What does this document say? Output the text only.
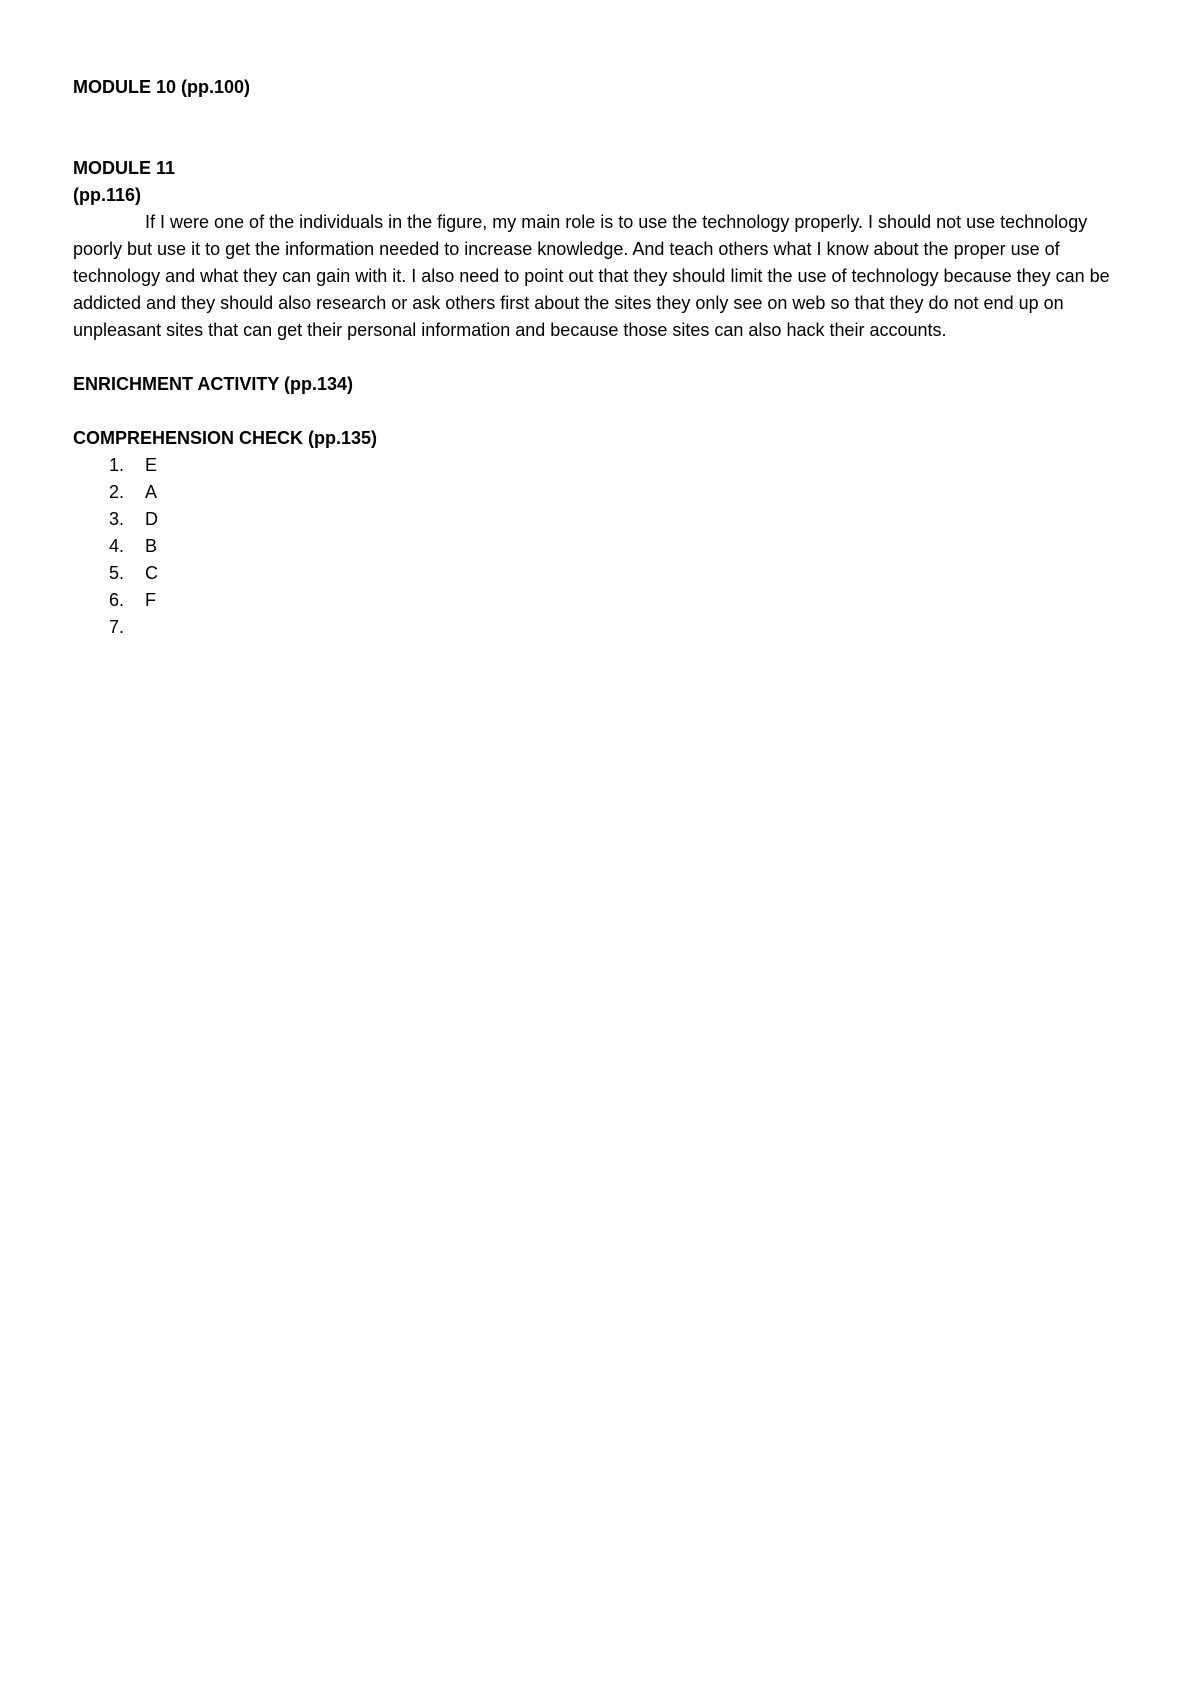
MODULE 10 (pp.100)

MODULE 11

(pp.116)

If I were one of the individuals in the figure, my main role is to use the technology properly. I should not use technology poorly but use it to get the information needed to increase knowledge. And teach others what I know about the proper use of technology and what they can gain with it. I also need to point out that they should limit the use of technology because they can be addicted and they should also research or ask others first about the sites they only see on web so that they do not end up on unpleasant sites that can get their personal information and because those sites can also hack their accounts.

ENRICHMENT ACTIVITY (pp.134)

COMPREHENSION CHECK (pp.135)

1. E
2. A
3. D
4. B
5. C
6. F
7.
